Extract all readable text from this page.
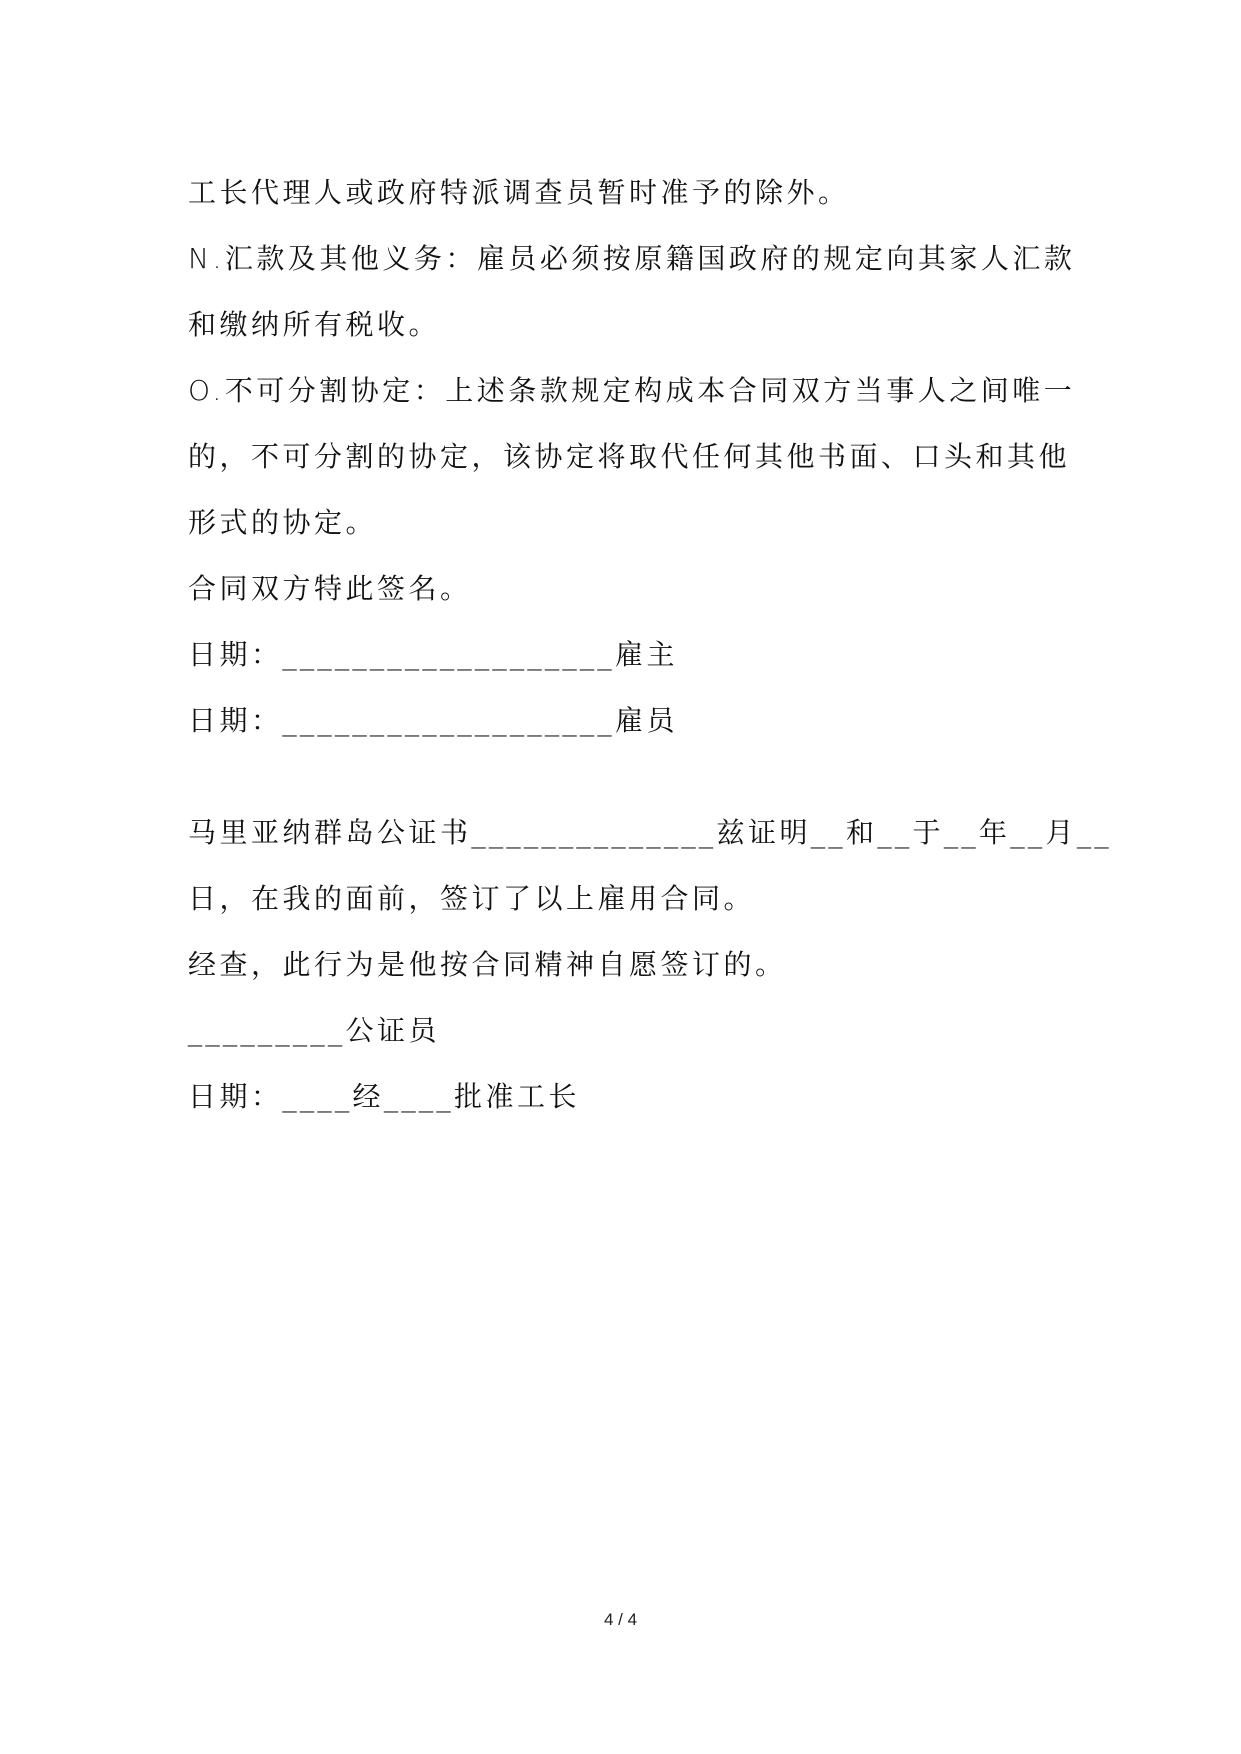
工长代理人或政府特派调查员暂时准予的除外。
N.汇款及其他义务：雇员必须按原籍国政府的规定向其家人汇款
和缴纳所有税收。
O.不可分割协定：上述条款规定构成本合同双方当事人之间唯一
的，不可分割的协定，该协定将取代任何其他书面、口头和其他
形式的协定。
合同双方特此签名。
日期：___________________雇主
日期：___________________雇员
马里亚纳群岛公证书______________兹证明__和__于__年__月__
日，在我的面前，签订了以上雇用合同。
经查，此行为是他按合同精神自愿签订的。
_________公证员
日期：____经____批准工长
4 / 4
